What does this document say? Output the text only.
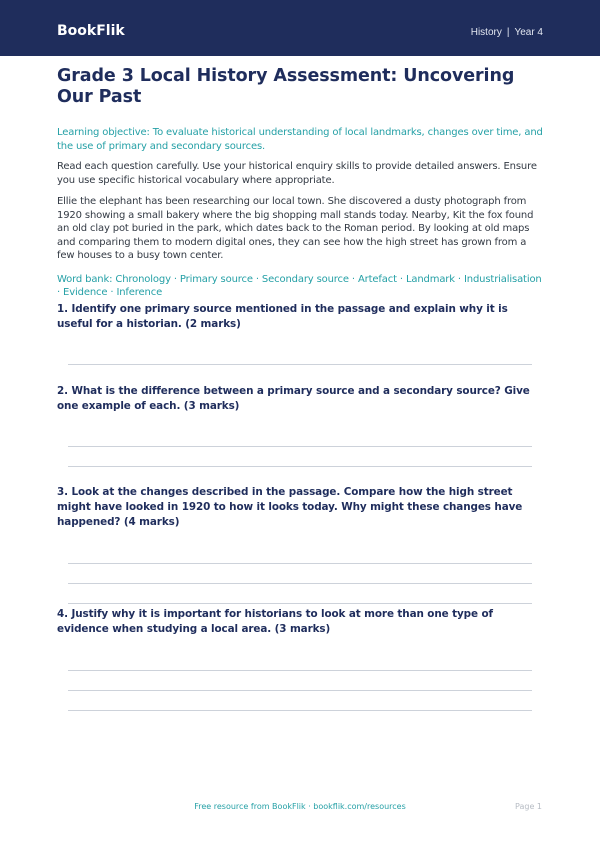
BookFlik	History | Year 4
Grade 3 Local History Assessment: Uncovering Our Past

Learning objective: To evaluate historical understanding of local landmarks, changes over time, and the use of primary and secondary sources.

Read each question carefully. Use your historical enquiry skills to provide detailed answers. Ensure you use specific historical vocabulary where appropriate.

Ellie the elephant has been researching our local town. She discovered a dusty photograph from 1920 showing a small bakery where the big shopping mall stands today. Nearby, Kit the fox found an old clay pot buried in the park, which dates back to the Roman period. By looking at old maps and comparing them to modern digital ones, they can see how the high street has grown from a few houses to a busy town center.

Word bank: Chronology · Primary source · Secondary source · Artefact · Landmark · Industrialisation · Evidence · Inference

1. Identify one primary source mentioned in the passage and explain why it is useful for a historian. (2 marks)

2. What is the difference between a primary source and a secondary source? Give one example of each. (3 marks)

3. Look at the changes described in the passage. Compare how the high street might have looked in 1920 to how it looks today. Why might these changes have happened? (4 marks)

4. Justify why it is important for historians to look at more than one type of evidence when studying a local area. (3 marks)

Free resource from BookFlik · bookflik.com/resources	Page 1
